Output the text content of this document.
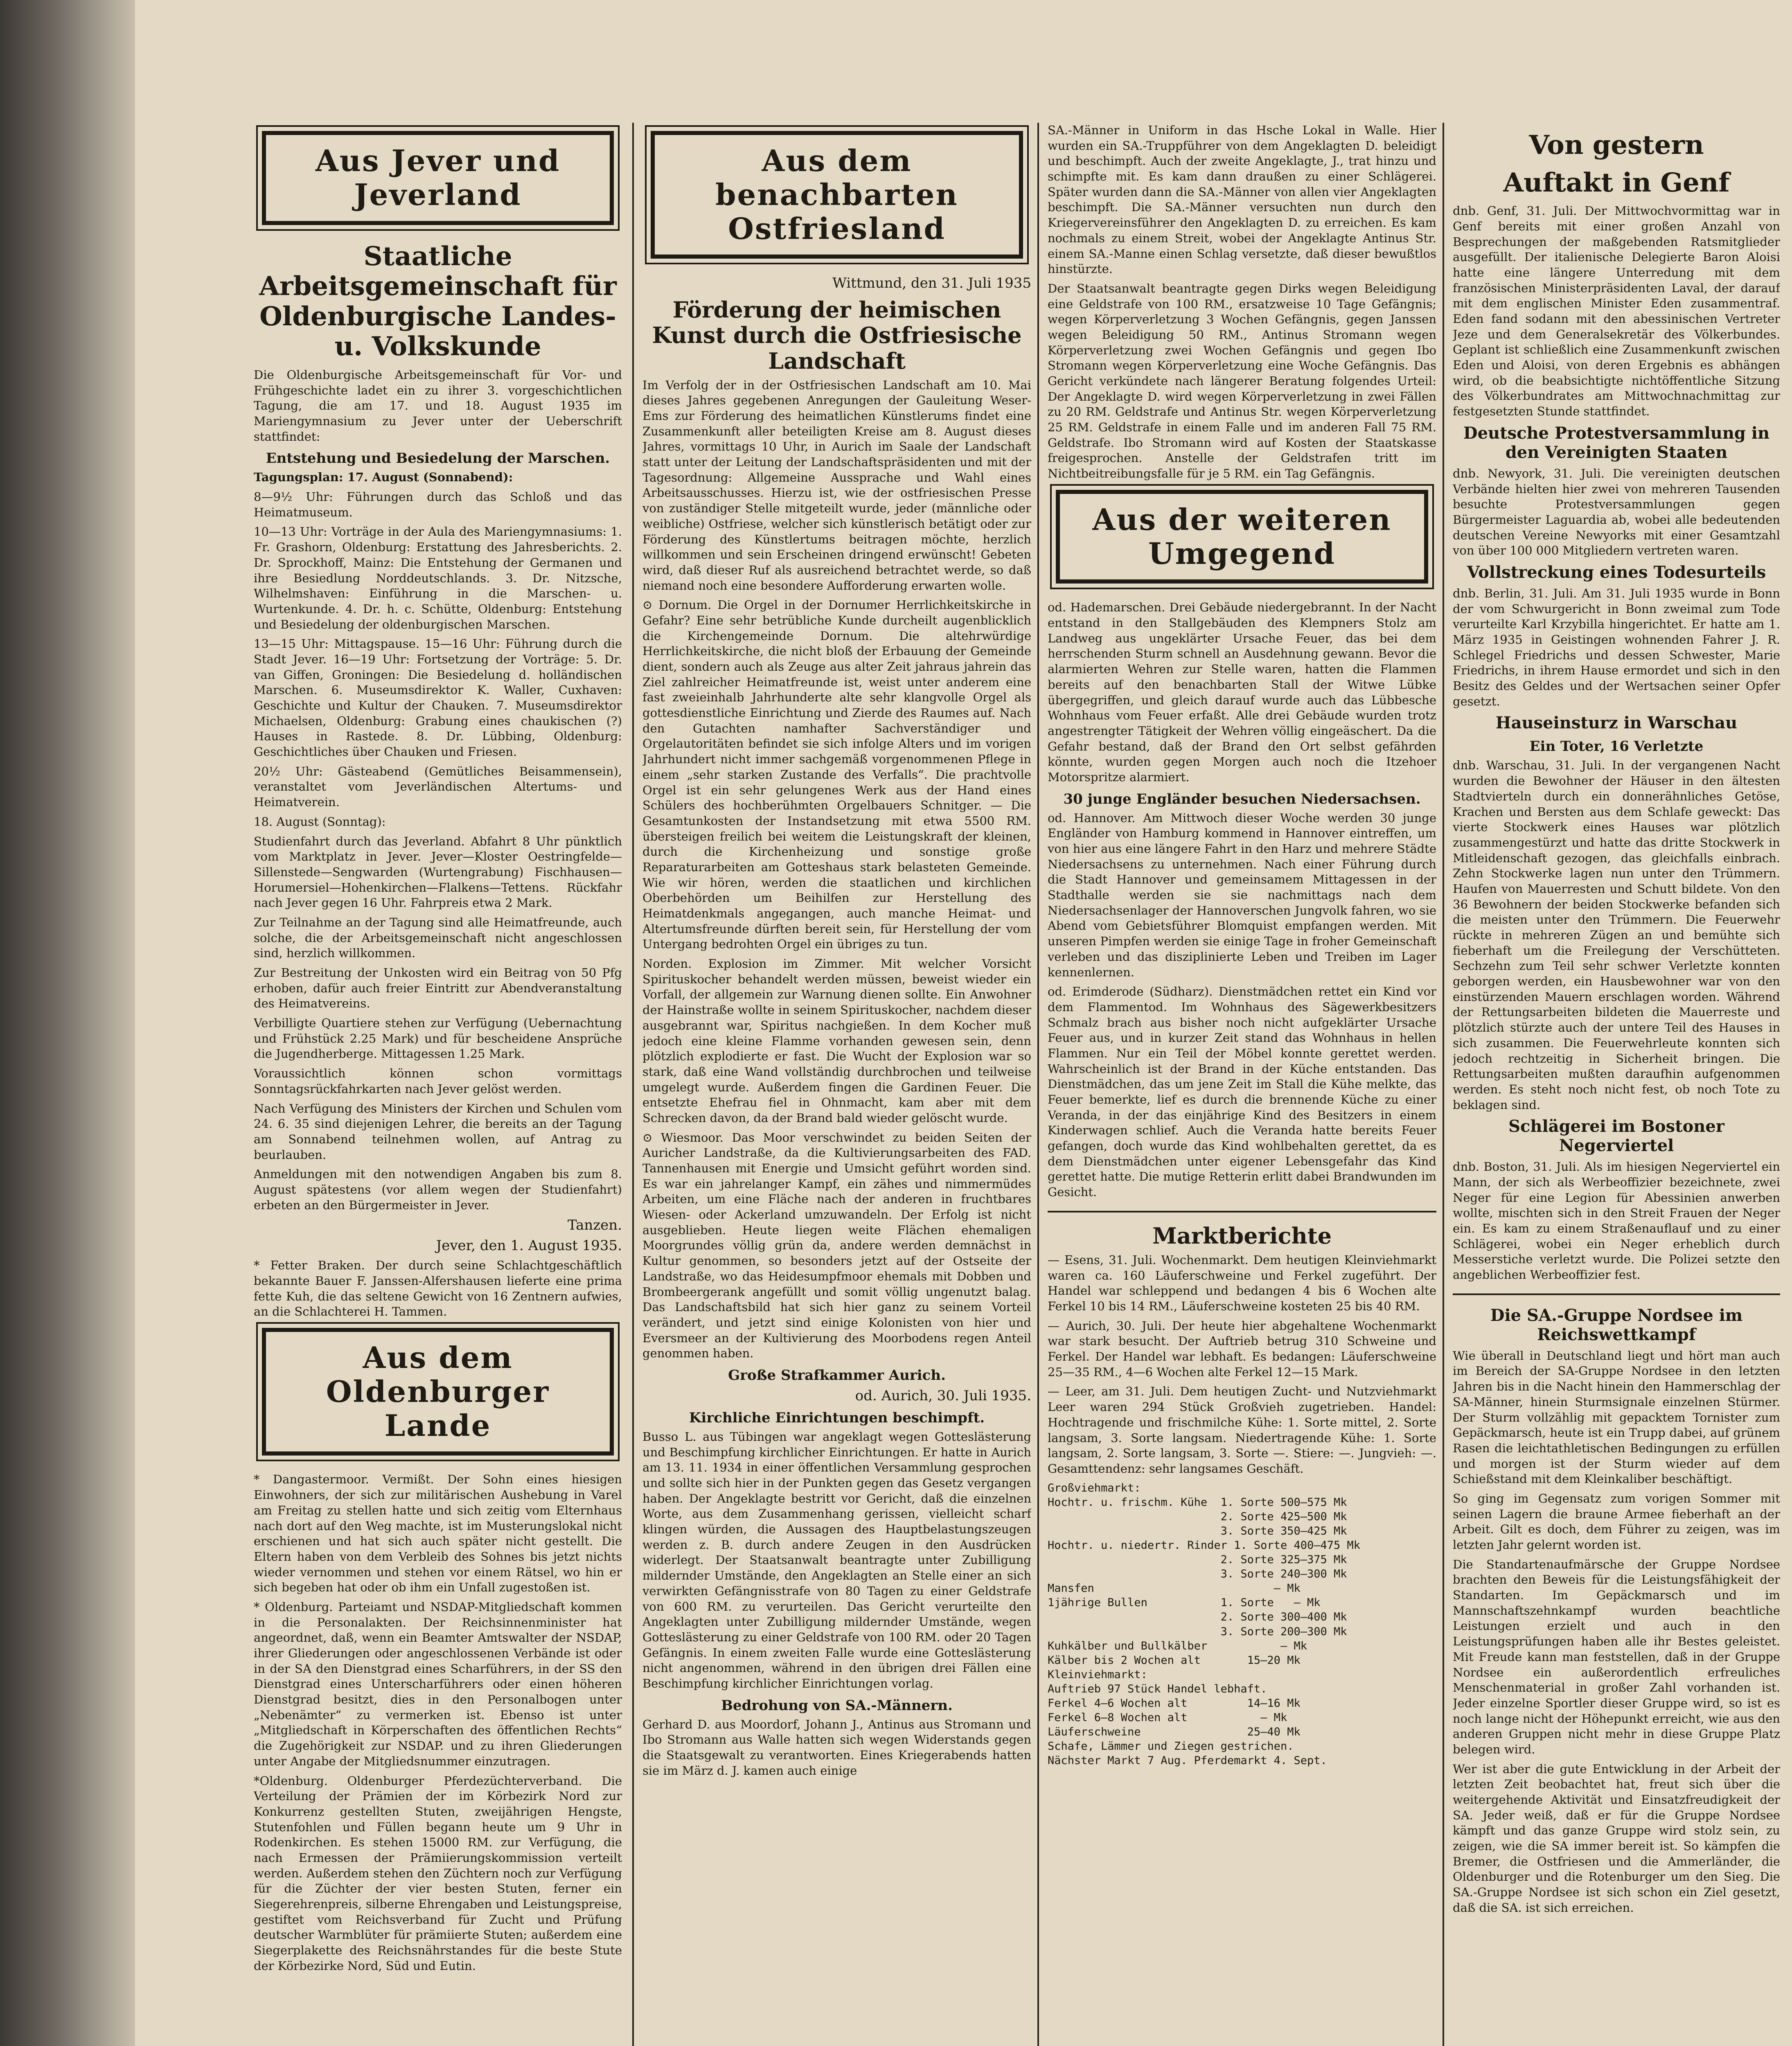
Aus Jever und Jeverland
Staatliche Arbeitsgemeinschaft für Oldenburgische Landes- u. Volkskunde

Die Oldenburgische Arbeitsgemeinschaft für Vor- und Frühgeschichte ladet ein zu ihrer 3. vorgeschichtlichen Tagung, die am 17. und 18. August 1935 im Mariengymnasium zu Jever unter der Ueberschrift stattfindet:

Entstehung und Besiedelung der Marschen.

Tagungsplan: 17. August (Sonnabend):

8—9½ Uhr: Führungen durch das Schloß und das Heimatmuseum.

10—13 Uhr: Vorträge in der Aula des Mariengymnasiums: 1. Fr. Grashorn, Oldenburg: Erstattung des Jahresberichts. 2. Dr. Sprockhoff, Mainz: Die Entstehung der Germanen und ihre Besiedlung Norddeutschlands. 3. Dr. Nitzsche, Wilhelmshaven: Einführung in die Marschen- u. Wurtenkunde. 4. Dr. h. c. Schütte, Oldenburg: Entstehung und Besiedelung der oldenburgischen Marschen.

13—15 Uhr: Mittagspause. 15—16 Uhr: Führung durch die Stadt Jever. 16—19 Uhr: Fortsetzung der Vorträge: 5. Dr. van Giffen, Groningen: Die Besiedelung d. holländischen Marschen. 6. Museumsdirektor K. Waller, Cuxhaven: Geschichte und Kultur der Chauken. 7. Museumsdirektor Michaelsen, Oldenburg: Grabung eines chaukischen (?) Hauses in Rastede. 8. Dr. Lübbing, Oldenburg: Geschichtliches über Chauken und Friesen.

20½ Uhr: Gästeabend (Gemütliches Beisammensein), veranstaltet vom Jeverländischen Altertums- und Heimatverein.

18. August (Sonntag):

Studienfahrt durch das Jeverland. Abfahrt 8 Uhr pünktlich vom Marktplatz in Jever. Jever—Kloster Oestringfelde—Sillenstede—Sengwarden (Wurtengrabung) Fischhausen—Horumersiel—Hohenkirchen—Flalkens—Tettens. Rückfahr nach Jever gegen 16 Uhr. Fahrpreis etwa 2 Mark.

Zur Teilnahme an der Tagung sind alle Heimatfreunde, auch solche, die der Arbeitsgemeinschaft nicht angeschlossen sind, herzlich willkommen.

Zur Bestreitung der Unkosten wird ein Beitrag von 50 Pfg erhoben, dafür auch freier Eintritt zur Abendveranstaltung des Heimatvereins.

Verbilligte Quartiere stehen zur Verfügung (Uebernachtung und Frühstück 2.25 Mark) und für bescheidene Ansprüche die Jugendherberge. Mittagessen 1.25 Mark.

Voraussichtlich können schon vormittags Sonntagsrückfahrkarten nach Jever gelöst werden.

Nach Verfügung des Ministers der Kirchen und Schulen vom 24. 6. 35 sind diejenigen Lehrer, die bereits an der Tagung am Sonnabend teilnehmen wollen, auf Antrag zu beurlauben.

Anmeldungen mit den notwendigen Angaben bis zum 8. August spätestens (vor allem wegen der Studienfahrt) erbeten an den Bürgermeister in Jever.

Tanzen.
Jever, den 1. August 1935.

* Fetter Braken. Der durch seine Schlachtgeschäftlich bekannte Bauer F. Janssen-Alfershausen lieferte eine prima fette Kuh, die das seltene Gewicht von 16 Zentnern aufwies, an die Schlachterei H. Tammen.

Aus dem Oldenburger Lande

* Dangastermoor. Vermißt. Der Sohn eines hiesigen Einwohners, der sich zur militärischen Aushebung in Varel am Freitag zu stellen hatte und sich zeitig vom Elternhaus nach dort auf den Weg machte, ist im Musterungslokal nicht erschienen und hat sich auch später nicht gestellt. Die Eltern haben von dem Verbleib des Sohnes bis jetzt nichts wieder vernommen und stehen vor einem Rätsel, wo hin er sich begeben hat oder ob ihm ein Unfall zugestoßen ist.

* Oldenburg. Parteiamt und NSDAP-Mitgliedschaft kommen in die Personalakten. Der Reichsinnenminister hat angeordnet, daß, wenn ein Beamter Amtswalter der NSDAP, ihrer Gliederungen oder angeschlossenen Verbände ist oder in der SA den Dienstgrad eines Scharführers, in der SS den Dienstgrad eines Unterscharführers oder einen höheren Dienstgrad besitzt, dies in den Personalbogen unter „Nebenämter“ zu vermerken ist. Ebenso ist unter „Mitgliedschaft in Körperschaften des öffentlichen Rechts“ die Zugehörigkeit zur NSDAP. und zu ihren Gliederungen unter Angabe der Mitgliedsnummer einzutragen.

*Oldenburg. Oldenburger Pferdezüchterverband. Die Verteilung der Prämien der im Körbezirk Nord zur Konkurrenz gestellten Stuten, zweijährigen Hengste, Stutenfohlen und Füllen begann heute um 9 Uhr in Rodenkirchen. Es stehen 15000 RM. zur Verfügung, die nach Ermessen der Prämiierungskommission verteilt werden. Außerdem stehen den Züchtern noch zur Verfügung für die Züchter der vier besten Stuten, ferner ein Siegerehrenpreis, silberne Ehrengaben und Leistungspreise, gestiftet vom Reichsverband für Zucht und Prüfung deutscher Warmblüter für prämiierte Stuten; außerdem eine Siegerplakette des Reichsnährstandes für die beste Stute der Körbezirke Nord, Süd und Eutin.

Aus dem benachbarten Ostfriesland
Wittmund, den 31. Juli 1935
Förderung der heimischen Kunst durch die Ostfriesische Landschaft

Im Verfolg der in der Ostfriesischen Landschaft am 10. Mai dieses Jahres gegebenen Anregungen der Gauleitung Weser-Ems zur Förderung des heimatlichen Künstlerums findet eine Zusammenkunft aller beteiligten Kreise am 8. August dieses Jahres, vormittags 10 Uhr, in Aurich im Saale der Landschaft statt unter der Leitung der Landschaftspräsidenten und mit der Tagesordnung: Allgemeine Aussprache und Wahl eines Arbeitsausschusses. Hierzu ist, wie der ostfriesischen Presse von zuständiger Stelle mitgeteilt wurde, jeder (männliche oder weibliche) Ostfriese, welcher sich künstlerisch betätigt oder zur Förderung des Künstlertums beitragen möchte, herzlich willkommen und sein Erscheinen dringend erwünscht! Gebeten wird, daß dieser Ruf als ausreichend betrachtet werde, so daß niemand noch eine besondere Aufforderung erwarten wolle.

⊙ Dornum. Die Orgel in der Dornumer Herrlichkeitskirche in Gefahr? Eine sehr betrübliche Kunde durcheilt augenblicklich die Kirchengemeinde Dornum. Die altehrwürdige Herrlichkeitskirche, die nicht bloß der Erbauung der Gemeinde dient, sondern auch als Zeuge aus alter Zeit jahraus jahrein das Ziel zahlreicher Heimatfreunde ist, weist unter anderem eine fast zweieinhalb Jahrhunderte alte sehr klangvolle Orgel als gottesdienstliche Einrichtung und Zierde des Raumes auf. Nach den Gutachten namhafter Sachverständiger und Orgelautoritäten befindet sie sich infolge Alters und im vorigen Jahrhundert nicht immer sachgemäß vorgenommenen Pflege in einem „sehr starken Zustande des Verfalls“. Die prachtvolle Orgel ist ein sehr gelungenes Werk aus der Hand eines Schülers des hochberühmten Orgelbauers Schnitger. — Die Gesamtunkosten der Instandsetzung mit etwa 5500 RM. übersteigen freilich bei weitem die Leistungskraft der kleinen, durch die Kirchenheizung und sonstige große Reparaturarbeiten am Gotteshaus stark belasteten Gemeinde. Wie wir hören, werden die staatlichen und kirchlichen Oberbehörden um Beihilfen zur Herstellung des Heimatdenkmals angegangen, auch manche Heimat- und Altertumsfreunde dürften bereit sein, für Herstellung der vom Untergang bedrohten Orgel ein übriges zu tun.

Norden. Explosion im Zimmer. Mit welcher Vorsicht Spirituskocher behandelt werden müssen, beweist wieder ein Vorfall, der allgemein zur Warnung dienen sollte. Ein Anwohner der Hainstraße wollte in seinem Spirituskocher, nachdem dieser ausgebrannt war, Spiritus nachgießen. In dem Kocher muß jedoch eine kleine Flamme vorhanden gewesen sein, denn plötzlich explodierte er fast. Die Wucht der Explosion war so stark, daß eine Wand vollständig durchbrochen und teilweise umgelegt wurde. Außerdem fingen die Gardinen Feuer. Die entsetzte Ehefrau fiel in Ohnmacht, kam aber mit dem Schrecken davon, da der Brand bald wieder gelöscht wurde.

⊙ Wiesmoor. Das Moor verschwindet zu beiden Seiten der Auricher Landstraße, da die Kultivierungsarbeiten des FAD. Tannenhausen mit Energie und Umsicht geführt worden sind. Es war ein jahrelanger Kampf, ein zähes und nimmermüdes Arbeiten, um eine Fläche nach der anderen in fruchtbares Wiesen- oder Ackerland umzuwandeln. Der Erfolg ist nicht ausgeblieben. Heute liegen weite Flächen ehemaligen Moorgrundes völlig grün da, andere werden demnächst in Kultur genommen, so besonders jetzt auf der Ostseite der Landstraße, wo das Heidesumpfmoor ehemals mit Dobben und Brombeergerank angefüllt und somit völlig ungenutzt balag. Das Landschaftsbild hat sich hier ganz zu seinem Vorteil verändert, und jetzt sind einige Kolonisten von hier und Eversmeer an der Kultivierung des Moorbodens regen Anteil genommen haben.

Große Strafkammer Aurich.
od. Aurich, 30. Juli 1935.
Kirchliche Einrichtungen beschimpft.

Busso L. aus Tübingen war angeklagt wegen Gotteslästerung und Beschimpfung kirchlicher Einrichtungen. Er hatte in Aurich am 13. 11. 1934 in einer öffentlichen Versammlung gesprochen und sollte sich hier in der Punkten gegen das Gesetz vergangen haben. Der Angeklagte bestritt vor Gericht, daß die einzelnen Worte, aus dem Zusammenhang gerissen, vielleicht scharf klingen würden, die Aussagen des Hauptbelastungszeugen werden z. B. durch andere Zeugen in den Ausdrücken widerlegt. Der Staatsanwalt beantragte unter Zubilligung mildernder Umstände, den Angeklagten an Stelle einer an sich verwirkten Gefängnisstrafe von 80 Tagen zu einer Geldstrafe von 600 RM. zu verurteilen. Das Gericht verurteilte den Angeklagten unter Zubilligung mildernder Umstände, wegen Gotteslästerung zu einer Geldstrafe von 100 RM. oder 20 Tagen Gefängnis. In einem zweiten Falle wurde eine Gotteslästerung nicht angenommen, während in den übrigen drei Fällen eine Beschimpfung kirchlicher Einrichtungen vorlag.

Bedrohung von SA.-Männern.

Gerhard D. aus Moordorf, Johann J., Antinus aus Stromann und Ibo Stromann aus Walle hatten sich wegen Widerstands gegen die Staatsgewalt zu verantworten. Eines Kriegerabends hatten sie im März d. J. kamen auch einige

SA.-Männer in Uniform in das Hsche Lokal in Walle. Hier wurden ein SA.-Truppführer von dem Angeklagten D. beleidigt und beschimpft. Auch der zweite Angeklagte, J., trat hinzu und schimpfte mit. Es kam dann draußen zu einer Schlägerei. Später wurden dann die SA.-Männer von allen vier Angeklagten beschimpft. Die SA.-Männer versuchten nun durch den Kriegervereinsführer den Angeklagten D. zu erreichen. Es kam nochmals zu einem Streit, wobei der Angeklagte Antinus Str. einem SA.-Manne einen Schlag versetzte, daß dieser bewußtlos hinstürzte.

Der Staatsanwalt beantragte gegen Dirks wegen Beleidigung eine Geldstrafe von 100 RM., ersatzweise 10 Tage Gefängnis; wegen Körperverletzung 3 Wochen Gefängnis, gegen Janssen wegen Beleidigung 50 RM., Antinus Stromann wegen Körperverletzung zwei Wochen Gefängnis und gegen Ibo Stromann wegen Körperverletzung eine Woche Gefängnis. Das Gericht verkündete nach längerer Beratung folgendes Urteil: Der Angeklagte D. wird wegen Körperverletzung in zwei Fällen zu 20 RM. Geldstrafe und Antinus Str. wegen Körperverletzung 25 RM. Geldstrafe in einem Falle und im anderen Fall 75 RM. Geldstrafe. Ibo Stromann wird auf Kosten der Staatskasse freigesprochen. Anstelle der Geldstrafen tritt im Nichtbeitreibungsfalle für je 5 RM. ein Tag Gefängnis.

Aus der weiteren Umgegend

od. Hademarschen. Drei Gebäude niedergebrannt. In der Nacht entstand in den Stallgebäuden des Klempners Stolz am Landweg aus ungeklärter Ursache Feuer, das bei dem herrschenden Sturm schnell an Ausdehnung gewann. Bevor die alarmierten Wehren zur Stelle waren, hatten die Flammen bereits auf den benachbarten Stall der Witwe Lübke übergegriffen, und gleich darauf wurde auch das Lübbesche Wohnhaus vom Feuer erfaßt. Alle drei Gebäude wurden trotz angestrengter Tätigkeit der Wehren völlig eingeäschert. Da die Gefahr bestand, daß der Brand den Ort selbst gefährden könnte, wurden gegen Morgen auch noch die Itzehoer Motorspritze alarmiert.

30 junge Engländer besuchen Niedersachsen.

od. Hannover. Am Mittwoch dieser Woche werden 30 junge Engländer von Hamburg kommend in Hannover eintreffen, um von hier aus eine längere Fahrt in den Harz und mehrere Städte Niedersachsens zu unternehmen. Nach einer Führung durch die Stadt Hannover und gemeinsamem Mittagessen in der Stadthalle werden sie sie nachmittags nach dem Niedersachsenlager der Hannoverschen Jungvolk fahren, wo sie Abend vom Gebietsführer Blomquist empfangen werden. Mit unseren Pimpfen werden sie einige Tage in froher Gemeinschaft verleben und das disziplinierte Leben und Treiben im Lager kennenlernen.

od. Erimderode (Südharz). Dienstmädchen rettet ein Kind vor dem Flammentod. Im Wohnhaus des Sägewerkbesitzers Schmalz brach aus bisher noch nicht aufgeklärter Ursache Feuer aus, und in kurzer Zeit stand das Wohnhaus in hellen Flammen. Nur ein Teil der Möbel konnte gerettet werden. Wahrscheinlich ist der Brand in der Küche entstanden. Das Dienstmädchen, das um jene Zeit im Stall die Kühe melkte, das Feuer bemerkte, lief es durch die brennende Küche zu einer Veranda, in der das einjährige Kind des Besitzers in einem Kinderwagen schlief. Auch die Veranda hatte bereits Feuer gefangen, doch wurde das Kind wohlbehalten gerettet, da es dem Dienstmädchen unter eigener Lebensgefahr das Kind gerettet hatte. Die mutige Retterin erlitt dabei Brandwunden im Gesicht.

Marktberichte

— Esens, 31. Juli. Wochenmarkt. Dem heutigen Kleinviehmarkt waren ca. 160 Läuferschweine und Ferkel zugeführt. Der Handel war schleppend und bedangen 4 bis 6 Wochen alte Ferkel 10 bis 14 RM., Läuferschweine kosteten 25 bis 40 RM.

— Aurich, 30. Juli. Der heute hier abgehaltene Wochenmarkt war stark besucht. Der Auftrieb betrug 310 Schweine und Ferkel. Der Handel war lebhaft. Es bedangen: Läuferschweine 25—35 RM., 4—6 Wochen alte Ferkel 12—15 Mark.

— Leer, am 31. Juli. Dem heutigen Zucht- und Nutzviehmarkt Leer waren 294 Stück Großvieh zugetrieben. Handel: Hochtragende und frischmilche Kühe: 1. Sorte mittel, 2. Sorte langsam, 3. Sorte langsam. Niedertragende Kühe: 1. Sorte langsam, 2. Sorte langsam, 3. Sorte —. Stiere: —. Jungvieh: —. Gesamttendenz: sehr langsames Geschäft.

Großviehmarkt:
Hochtr. u. frischm. Kühe  1. Sorte 500—575 Mk
2. Sorte 425—500 Mk
3. Sorte 350—425 Mk
Hochtr. u. niedertr. Rinder 1. Sorte 400—475 Mk
2. Sorte 325—375 Mk
3. Sorte 240—300 Mk
Mansfen                           — Mk
1jährige Bullen           1. Sorte   — Mk
2. Sorte 300—400 Mk
3. Sorte 200—300 Mk
Kuhkälber und Bullkälber           — Mk
Kälber bis 2 Wochen alt       15—20 Mk
Kleinviehmarkt:
Auftrieb 97 Stück Handel lebhaft.
Ferkel 4—6 Wochen alt         14—16 Mk
Ferkel 6—8 Wochen alt           — Mk
Läuferschweine                25—40 Mk
Schafe, Lämmer und Ziegen gestrichen.
Nächster Markt 7 Aug. Pferdemarkt 4. Sept.
Von gestern
Auftakt in Genf

dnb. Genf, 31. Juli. Der Mittwochvormittag war in Genf bereits mit einer großen Anzahl von Besprechungen der maßgebenden Ratsmitglieder ausgefüllt. Der italienische Delegierte Baron Aloisi hatte eine längere Unterredung mit dem französischen Ministerpräsidenten Laval, der darauf mit dem englischen Minister Eden zusammentraf. Eden fand sodann mit den abessinischen Vertreter Jeze und dem Generalsekretär des Völkerbundes. Geplant ist schließlich eine Zusammenkunft zwischen Eden und Aloisi, von deren Ergebnis es abhängen wird, ob die beabsichtigte nichtöffentliche Sitzung des Völkerbundrates am Mittwochnachmittag zur festgesetzten Stunde stattfindet.

Deutsche Protestversammlung in den Vereinigten Staaten

dnb. Newyork, 31. Juli. Die vereinigten deutschen Verbände hielten hier zwei von mehreren Tausenden besuchte Protestversammlungen gegen Bürgermeister Laguardia ab, wobei alle bedeutenden deutschen Vereine Newyorks mit einer Gesamtzahl von über 100 000 Mitgliedern vertreten waren.

Vollstreckung eines Todesurteils

dnb. Berlin, 31. Juli. Am 31. Juli 1935 wurde in Bonn der vom Schwurgericht in Bonn zweimal zum Tode verurteilte Karl Krzybilla hingerichtet. Er hatte am 1. März 1935 in Geistingen wohnenden Fahrer J. R. Schlegel Friedrichs und dessen Schwester, Marie Friedrichs, in ihrem Hause ermordet und sich in den Besitz des Geldes und der Wertsachen seiner Opfer gesetzt.

Hauseinsturz in Warschau
Ein Toter, 16 Verletzte

dnb. Warschau, 31. Juli. In der vergangenen Nacht wurden die Bewohner der Häuser in den ältesten Stadtvierteln durch ein donnerähnliches Getöse, Krachen und Bersten aus dem Schlafe geweckt: Das vierte Stockwerk eines Hauses war plötzlich zusammengestürzt und hatte das dritte Stockwerk in Mitleidenschaft gezogen, das gleichfalls einbrach. Zehn Stockwerke lagen nun unter den Trümmern. Haufen von Mauerresten und Schutt bildete. Von den 36 Bewohnern der beiden Stockwerke befanden sich die meisten unter den Trümmern. Die Feuerwehr rückte in mehreren Zügen an und bemühte sich fieberhaft um die Freilegung der Verschütteten. Sechzehn zum Teil sehr schwer Verletzte konnten geborgen werden, ein Hausbewohner war von den einstürzenden Mauern erschlagen worden. Während der Rettungsarbeiten bildeten die Mauerreste und plötzlich stürzte auch der untere Teil des Hauses in sich zusammen. Die Feuerwehrleute konnten sich jedoch rechtzeitig in Sicherheit bringen. Die Rettungsarbeiten mußten daraufhin aufgenommen werden. Es steht noch nicht fest, ob noch Tote zu beklagen sind.

Schlägerei im Bostoner Negerviertel

dnb. Boston, 31. Juli. Als im hiesigen Negerviertel ein Mann, der sich als Werbeoffizier bezeichnete, zwei Neger für eine Legion für Abessinien anwerben wollte, mischten sich in den Streit Frauen der Neger ein. Es kam zu einem Straßenauflauf und zu einer Schlägerei, wobei ein Neger erheblich durch Messerstiche verletzt wurde. Die Polizei setzte den angeblichen Werbeoffizier fest.

Die SA.-Gruppe Nordsee im Reichswettkampf

Wie überall in Deutschland liegt und hört man auch im Bereich der SA-Gruppe Nordsee in den letzten Jahren bis in die Nacht hinein den Hammerschlag der SA-Männer, hinein Sturmsignale einzelnen Stürmer. Der Sturm vollzählig mit gepacktem Tornister zum Gepäckmarsch, heute ist ein Trupp dabei, auf grünem Rasen die leichtathletischen Bedingungen zu erfüllen und morgen ist der Sturm wieder auf dem Schießstand mit dem Kleinkaliber beschäftigt.

So ging im Gegensatz zum vorigen Sommer mit seinen Lagern die braune Armee fieberhaft an der Arbeit. Gilt es doch, dem Führer zu zeigen, was im letzten Jahr gelernt worden ist.

Die Standartenaufmärsche der Gruppe Nordsee brachten den Beweis für die Leistungsfähigkeit der Standarten. Im Gepäckmarsch und im Mannschaftszehnkampf wurden beachtliche Leistungen erzielt und auch in den Leistungsprüfungen haben alle ihr Bestes geleistet. Mit Freude kann man feststellen, daß in der Gruppe Nordsee ein außerordentlich erfreuliches Menschenmaterial in großer Zahl vorhanden ist. Jeder einzelne Sportler dieser Gruppe wird, so ist es noch lange nicht der Höhepunkt erreicht, wie aus den anderen Gruppen nicht mehr in diese Gruppe Platz belegen wird.

Wer ist aber die gute Entwicklung in der Arbeit der letzten Zeit beobachtet hat, freut sich über die weitergehende Aktivität und Einsatzfreudigkeit der SA. Jeder weiß, daß er für die Gruppe Nordsee kämpft und das ganze Gruppe wird stolz sein, zu zeigen, wie die SA immer bereit ist. So kämpfen die Bremer, die Ostfriesen und die Ammerländer, die Oldenburger und die Rotenburger um den Sieg. Die SA.-Gruppe Nordsee ist sich schon ein Ziel gesetzt, daß die SA. ist sich erreichen.
